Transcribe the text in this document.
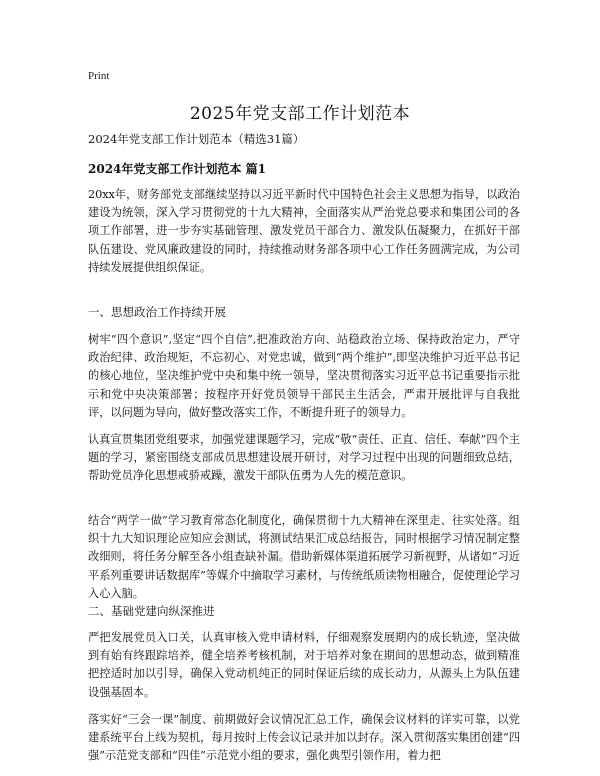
Print
2025年党支部工作计划范本
2024年党支部工作计划范本（精选31篇）
2024年党支部工作计划范本 篇1

20xx年，财务部党支部继续坚持以习近平新时代中国特色社会主义思想为指导，以政治建设为统领，深入学习贯彻党的十九大精神，全面落实从严治党总要求和集团公司的各项工作部署，进一步夯实基础管理、激发党员干部合力、激发队伍凝聚力，在抓好干部队伍建设、党风廉政建设的同时，持续推动财务部各项中心工作任务圆满完成，为公司持续发展提供组织保证。

一、思想政治工作持续开展

树牢“四个意识”,坚定“四个自信”,把准政治方向、站稳政治立场、保持政治定力，严守政治纪律、政治规矩，不忘初心、对党忠诚，做到“两个维护”,即坚决维护习近平总书记的核心地位，坚决维护党中央和集中统一领导，坚决贯彻落实习近平总书记重要指示批示和党中央决策部署；按程序开好党员领导干部民主生活会，严肃开展批评与自我批评，以问题为导向，做好整改落实工作，不断提升班子的领导力。

认真宣贯集团党组要求，加强党建课题学习，完成“敬“责任、正直、信任、奉献”四个主题的学习，紧密围绕支部成员思想建设展开研讨，对学习过程中出现的问题细致总结，帮助党员净化思想戒骄戒躁，激发干部队伍勇为人先的模范意识。

结合“两学一做”学习教育常态化制度化，确保贯彻十九大精神在深里走、往实处落。组织十九大知识理论应知应会测试，将测试结果汇成总结报告，同时根据学习情况制定整改细则，将任务分解至各小组查缺补漏。借助新媒体渠道拓展学习新视野，从诸如“习近平系列重要讲话数据库”等媒介中摘取学习素材，与传统纸质读物相融合，促使理论学习入心入脑。

二、基础党建向纵深推进

严把发展党员入口关，认真审核入党申请材料，仔细观察发展期内的成长轨迹，坚决做到有始有终跟踪培养，健全培养考核机制，对于培养对象在期间的思想动态，做到精准把控适时加以引导，确保入党动机纯正的同时保证后续的成长动力，从源头上为队伍建设强基固本。

落实好“三会一课”制度、前期做好会议情况汇总工作，确保会议材料的详实可靠，以党建系统平台上线为契机，每月按时上传会议记录并加以封存。深入贯彻落实集团创建“四强”示范党支部和“四佳”示范党小组的要求，强化典型引领作用，着力把
